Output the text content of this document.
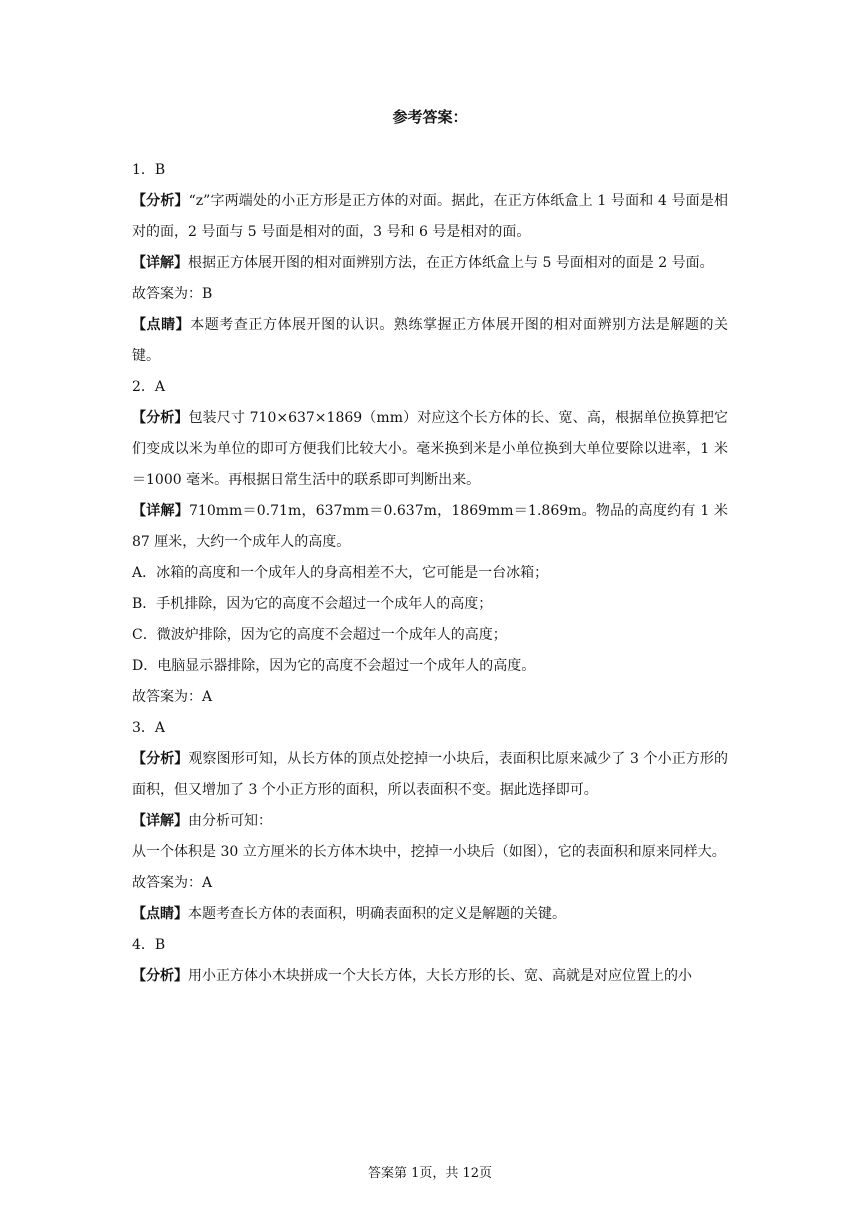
参考答案：

1．B

【分析】“z”字两端处的小正方形是正方体的对面。据此，在正方体纸盒上 1 号面和 4 号面是相对的面，2 号面与 5 号面是相对的面，3 号和 6 号是相对的面。

【详解】根据正方体展开图的相对面辨别方法，在正方体纸盒上与 5 号面相对的面是 2 号面。

故答案为：B

【点睛】本题考查正方体展开图的认识。熟练掌握正方体展开图的相对面辨别方法是解题的关键。

2．A

【分析】包装尺寸 710×637×1869（mm）对应这个长方体的长、宽、高，根据单位换算把它们变成以米为单位的即可方便我们比较大小。毫米换到米是小单位换到大单位要除以进率，1 米＝1000 毫米。再根据日常生活中的联系即可判断出来。

【详解】710mm＝0.71m，637mm＝0.637m，1869mm＝1.869m。物品的高度约有 1 米 87 厘米，大约一个成年人的高度。

A．冰箱的高度和一个成年人的身高相差不大，它可能是一台冰箱；

B．手机排除，因为它的高度不会超过一个成年人的高度；

C．微波炉排除，因为它的高度不会超过一个成年人的高度；

D．电脑显示器排除，因为它的高度不会超过一个成年人的高度。

故答案为：A

3．A

【分析】观察图形可知，从长方体的顶点处挖掉一小块后，表面积比原来减少了 3 个小正方形的面积，但又增加了 3 个小正方形的面积，所以表面积不变。据此选择即可。

【详解】由分析可知：

从一个体积是 30 立方厘米的长方体木块中，挖掉一小块后（如图），它的表面积和原来同样大。

故答案为：A

【点睛】本题考查长方体的表面积，明确表面积的定义是解题的关键。

4．B

【分析】用小正方体小木块拼成一个大长方体，大长方形的长、宽、高就是对应位置上的小

答案第 1页，共 12页
